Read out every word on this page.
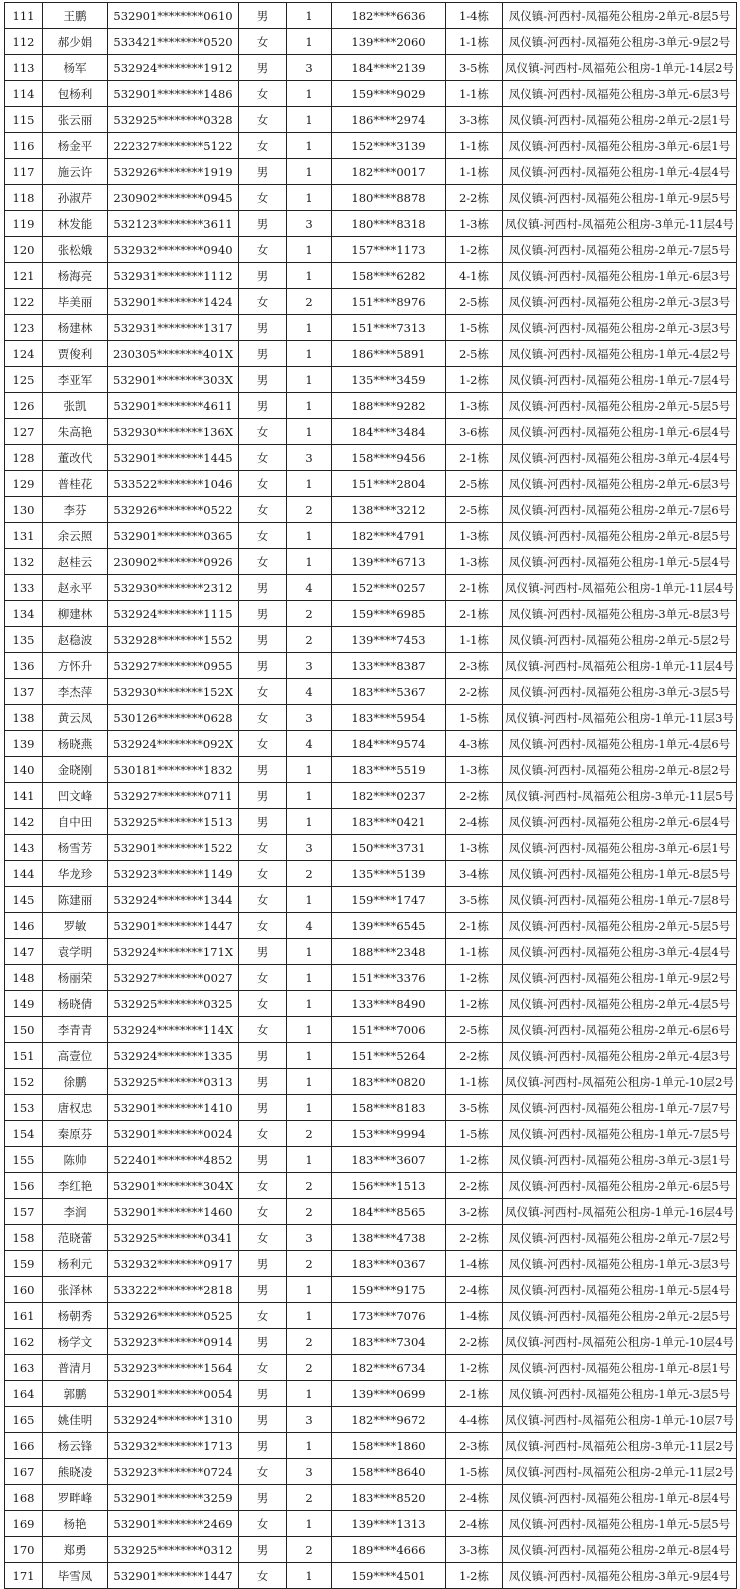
111	王鹏	532901********0610	男	1	182****6636	1-4栋	凤仪镇-河西村-凤福苑公租房-2单元-8层5号
112	郝少娟	533421********0520	女	1	139****2060	1-1栋	凤仪镇-河西村-凤福苑公租房-3单元-9层2号
113	杨军	532924********1912	男	3	184****2139	3-5栋	凤仪镇-河西村-凤福苑公租房-1单元-14层2号
114	包杨利	532901********1486	女	1	159****9029	1-1栋	凤仪镇-河西村-凤福苑公租房-3单元-6层3号
115	张云丽	532925********0328	女	1	186****2974	3-3栋	凤仪镇-河西村-凤福苑公租房-2单元-2层1号
116	杨金平	222327********5122	女	1	152****3139	1-1栋	凤仪镇-河西村-凤福苑公租房-3单元-6层1号
117	施云许	532926********1919	男	1	182****0017	1-1栋	凤仪镇-河西村-凤福苑公租房-1单元-4层4号
118	孙淑芹	230902********0945	女	1	180****8878	2-2栋	凤仪镇-河西村-凤福苑公租房-1单元-9层5号
119	林发能	532123********3611	男	3	180****8318	1-3栋	凤仪镇-河西村-凤福苑公租房-3单元-11层4号
120	张松娥	532932********0940	女	1	157****1173	1-2栋	凤仪镇-河西村-凤福苑公租房-2单元-7层5号
121	杨海亮	532931********1112	男	1	158****6282	4-1栋	凤仪镇-河西村-凤福苑公租房-1单元-6层3号
122	毕美丽	532901********1424	女	2	151****8976	2-5栋	凤仪镇-河西村-凤福苑公租房-2单元-3层3号
123	杨建林	532931********1317	男	1	151****7313	1-5栋	凤仪镇-河西村-凤福苑公租房-2单元-3层3号
124	贾俊利	230305********401X	男	1	186****5891	2-5栋	凤仪镇-河西村-凤福苑公租房-1单元-4层2号
125	李亚军	532901********303X	男	1	135****3459	1-2栋	凤仪镇-河西村-凤福苑公租房-1单元-7层4号
126	张凯	532901********4611	男	1	188****9282	1-3栋	凤仪镇-河西村-凤福苑公租房-2单元-5层5号
127	朱高艳	532930********136X	女	1	184****3484	3-6栋	凤仪镇-河西村-凤福苑公租房-1单元-6层4号
128	董改代	532901********1445	女	3	158****9456	2-1栋	凤仪镇-河西村-凤福苑公租房-3单元-4层4号
129	普桂花	533522********1046	女	1	151****2804	2-5栋	凤仪镇-河西村-凤福苑公租房-2单元-6层3号
130	李芬	532926********0522	女	2	138****3212	2-5栋	凤仪镇-河西村-凤福苑公租房-2单元-7层6号
131	余云照	532901********0365	女	1	182****4791	1-3栋	凤仪镇-河西村-凤福苑公租房-2单元-8层5号
132	赵桂云	230902********0926	女	1	139****6713	1-3栋	凤仪镇-河西村-凤福苑公租房-1单元-5层4号
133	赵永平	532930********2312	男	4	152****0257	2-1栋	凤仪镇-河西村-凤福苑公租房-1单元-11层4号
134	柳建林	532924********1115	男	2	159****6985	2-1栋	凤仪镇-河西村-凤福苑公租房-3单元-8层3号
135	赵稳波	532928********1552	男	2	139****7453	1-1栋	凤仪镇-河西村-凤福苑公租房-2单元-5层2号
136	方怀升	532927********0955	男	3	133****8387	2-3栋	凤仪镇-河西村-凤福苑公租房-1单元-11层4号
137	李杰萍	532930********152X	女	4	183****5367	2-2栋	凤仪镇-河西村-凤福苑公租房-3单元-3层5号
138	黄云凤	530126********0628	女	3	183****5954	1-5栋	凤仪镇-河西村-凤福苑公租房-1单元-11层3号
139	杨晓燕	532924********092X	女	4	184****9574	4-3栋	凤仪镇-河西村-凤福苑公租房-1单元-4层6号
140	金晓刚	530181********1832	男	1	183****5519	1-3栋	凤仪镇-河西村-凤福苑公租房-2单元-8层2号
141	凹文峰	532927********0711	男	1	182****0237	2-2栋	凤仪镇-河西村-凤福苑公租房-3单元-11层5号
142	自中田	532925********1513	男	1	183****0421	2-4栋	凤仪镇-河西村-凤福苑公租房-2单元-6层4号
143	杨雪芳	532901********1522	女	3	150****3731	1-3栋	凤仪镇-河西村-凤福苑公租房-3单元-6层1号
144	华龙珍	532923********1149	女	2	135****5139	3-4栋	凤仪镇-河西村-凤福苑公租房-1单元-8层5号
145	陈建丽	532924********1344	女	1	159****1747	3-5栋	凤仪镇-河西村-凤福苑公租房-1单元-7层8号
146	罗敏	532901********1447	女	4	139****6545	2-1栋	凤仪镇-河西村-凤福苑公租房-2单元-5层5号
147	袁学明	532924********171X	男	1	188****2348	1-1栋	凤仪镇-河西村-凤福苑公租房-3单元-4层4号
148	杨丽荣	532927********0027	女	1	151****3376	1-2栋	凤仪镇-河西村-凤福苑公租房-1单元-9层2号
149	杨晓倩	532925********0325	女	1	133****8490	1-2栋	凤仪镇-河西村-凤福苑公租房-2单元-4层5号
150	李青青	532924********114X	女	1	151****7006	2-5栋	凤仪镇-河西村-凤福苑公租房-2单元-6层6号
151	高壹位	532924********1335	男	1	151****5264	2-2栋	凤仪镇-河西村-凤福苑公租房-2单元-4层3号
152	徐鹏	532925********0313	男	1	183****0820	1-1栋	凤仪镇-河西村-凤福苑公租房-1单元-10层2号
153	唐权忠	532901********1410	男	1	158****8183	3-5栋	凤仪镇-河西村-凤福苑公租房-1单元-7层7号
154	秦原芬	532901********0024	女	2	153****9994	1-5栋	凤仪镇-河西村-凤福苑公租房-1单元-7层5号
155	陈帅	522401********4852	男	1	183****3607	1-2栋	凤仪镇-河西村-凤福苑公租房-3单元-3层1号
156	李红艳	532901********304X	女	2	156****1513	2-2栋	凤仪镇-河西村-凤福苑公租房-2单元-6层5号
157	李润	532901********1460	女	2	184****8565	3-2栋	凤仪镇-河西村-凤福苑公租房-1单元-16层4号
158	范晓蕾	532925********0341	女	3	138****4738	2-2栋	凤仪镇-河西村-凤福苑公租房-2单元-7层2号
159	杨利元	532932********0917	男	2	183****0367	1-4栋	凤仪镇-河西村-凤福苑公租房-1单元-3层3号
160	张泽林	533222********2818	男	1	159****9175	2-4栋	凤仪镇-河西村-凤福苑公租房-1单元-5层4号
161	杨朝秀	532926********0525	女	1	173****7076	1-4栋	凤仪镇-河西村-凤福苑公租房-2单元-2层5号
162	杨学文	532923********0914	男	2	183****7304	2-2栋	凤仪镇-河西村-凤福苑公租房-1单元-10层4号
163	普清月	532923********1564	女	2	182****6734	1-2栋	凤仪镇-河西村-凤福苑公租房-1单元-8层1号
164	郭鹏	532901********0054	男	1	139****0699	2-1栋	凤仪镇-河西村-凤福苑公租房-1单元-3层5号
165	姚佳明	532924********1310	男	3	182****9672	4-4栋	凤仪镇-河西村-凤福苑公租房-1单元-10层7号
166	杨云锋	532932********1713	男	1	158****1860	2-3栋	凤仪镇-河西村-凤福苑公租房-3单元-11层2号
167	熊晓凌	532923********0724	女	3	158****8640	1-5栋	凤仪镇-河西村-凤福苑公租房-2单元-11层2号
168	罗畔峰	532901********3259	男	2	183****8520	2-4栋	凤仪镇-河西村-凤福苑公租房-1单元-8层4号
169	杨艳	532901********2469	女	1	139****1313	2-4栋	凤仪镇-河西村-凤福苑公租房-1单元-5层5号
170	郑勇	532925********0312	男	2	189****4666	3-3栋	凤仪镇-河西村-凤福苑公租房-2单元-8层4号
171	毕雪凤	532901********1447	女	1	159****4501	1-2栋	凤仪镇-河西村-凤福苑公租房-3单元-9层4号
